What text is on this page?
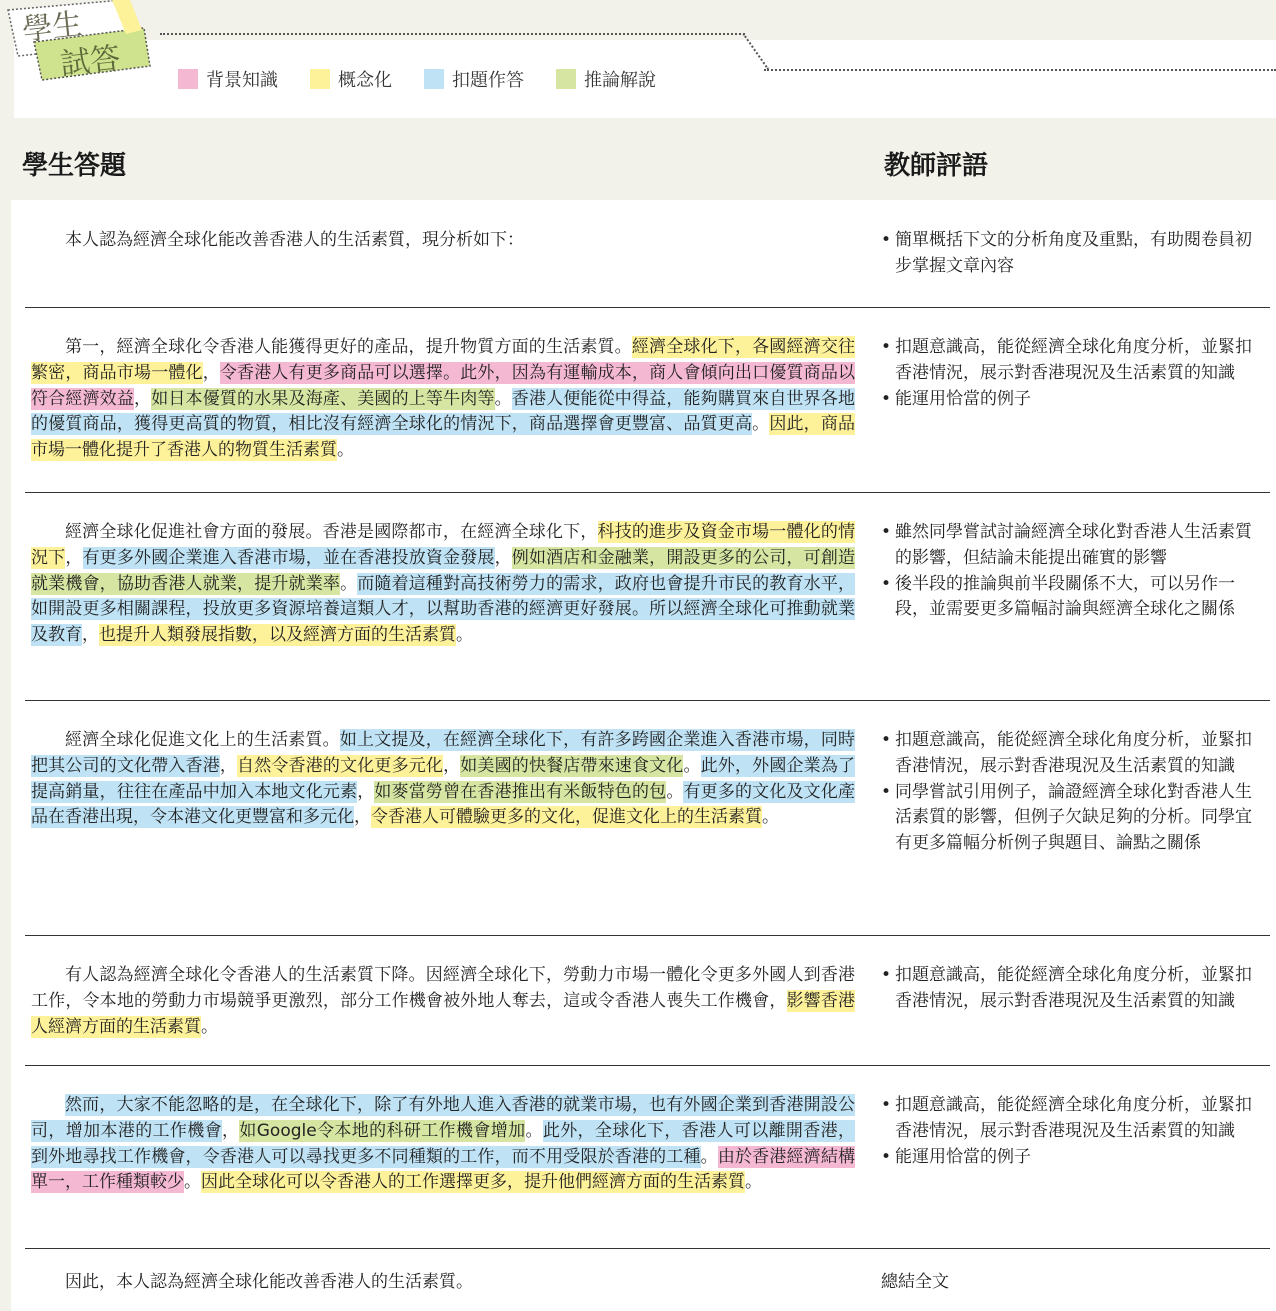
學生
試答	背景知識	概念化	扣題作答	推論解說
學生答題	教師評語
本人認為經濟全球化能改善香港人的生活素質，現分析如下：
•	簡單概括下文的分析角度及重點，有助閱卷員初步掌握文章內容
第一，經濟全球化令香港人能獲得更好的產品，提升物質方面的生活素質。經濟全球化下，各國經濟交往繁密，商品市場一體化，令香港人有更多商品可以選擇。此外，因為有運輸成本，商人會傾向出口優質商品以符合經濟效益，如日本優質的水果及海產、美國的上等牛肉等。香港人便能從中得益，能夠購買來自世界各地的優質商品，獲得更高質的物質，相比沒有經濟全球化的情況下，商品選擇會更豐富、品質更高。因此，商品市場一體化提升了香港人的物質生活素質。
• 扣題意識高，能從經濟全球化角度分析，並緊扣香港情況，展示對香港現況及生活素質的知識
• 能運用恰當的例子
經濟全球化促進社會方面的發展。香港是國際都市，在經濟全球化下，科技的進步及資金市場一體化的情況下，有更多外國企業進入香港市場，並在香港投放資金發展，例如酒店和金融業，開設更多的公司，可創造就業機會，協助香港人就業，提升就業率。而隨着這種對高技術勞力的需求，政府也會提升市民的教育水平，如開設更多相關課程，投放更多資源培養這類人才，以幫助香港的經濟更好發展。所以經濟全球化可推動就業及教育，也提升人類發展指數，以及經濟方面的生活素質。
• 雖然同學嘗試討論經濟全球化對香港人生活素質的影響，但結論未能提出確實的影響
• 後半段的推論與前半段關係不大，可以另作一段，並需要更多篇幅討論與經濟全球化之關係
經濟全球化促進文化上的生活素質。如上文提及，在經濟全球化下，有許多跨國企業進入香港市場，同時把其公司的文化帶入香港，自然令香港的文化更多元化，如美國的快餐店帶來速食文化。此外，外國企業為了提高銷量，往往在產品中加入本地文化元素，如麥當勞曾在香港推出有米飯特色的包。有更多的文化及文化產品在香港出現，令本港文化更豐富和多元化，令香港人可體驗更多的文化，促進文化上的生活素質。
• 扣題意識高，能從經濟全球化角度分析，並緊扣香港情況，展示對香港現況及生活素質的知識
• 同學嘗試引用例子，論證經濟全球化對香港人生活素質的影響，但例子欠缺足夠的分析。同學宜有更多篇幅分析例子與題目、論點之關係
有人認為經濟全球化令香港人的生活素質下降。因經濟全球化下，勞動力市場一體化令更多外國人到香港工作，令本地的勞動力市場競爭更激烈，部分工作機會被外地人奪去，這或令香港人喪失工作機會，影響香港人經濟方面的生活素質。
• 扣題意識高，能從經濟全球化角度分析，並緊扣香港情況，展示對香港現況及生活素質的知識
然而，大家不能忽略的是，在全球化下，除了有外地人進入香港的就業市場，也有外國企業到香港開設公司，增加本港的工作機會，如Google令本地的科研工作機會增加。此外，全球化下，香港人可以離開香港，到外地尋找工作機會，令香港人可以尋找更多不同種類的工作，而不用受限於香港的工種。由於香港經濟結構單一，工作種類較少。因此全球化可以令香港人的工作選擇更多，提升他們經濟方面的生活素質。
• 扣題意識高，能從經濟全球化角度分析，並緊扣香港情況，展示對香港現況及生活素質的知識
• 能運用恰當的例子
因此，本人認為經濟全球化能改善香港人的生活素質。	總結全文
